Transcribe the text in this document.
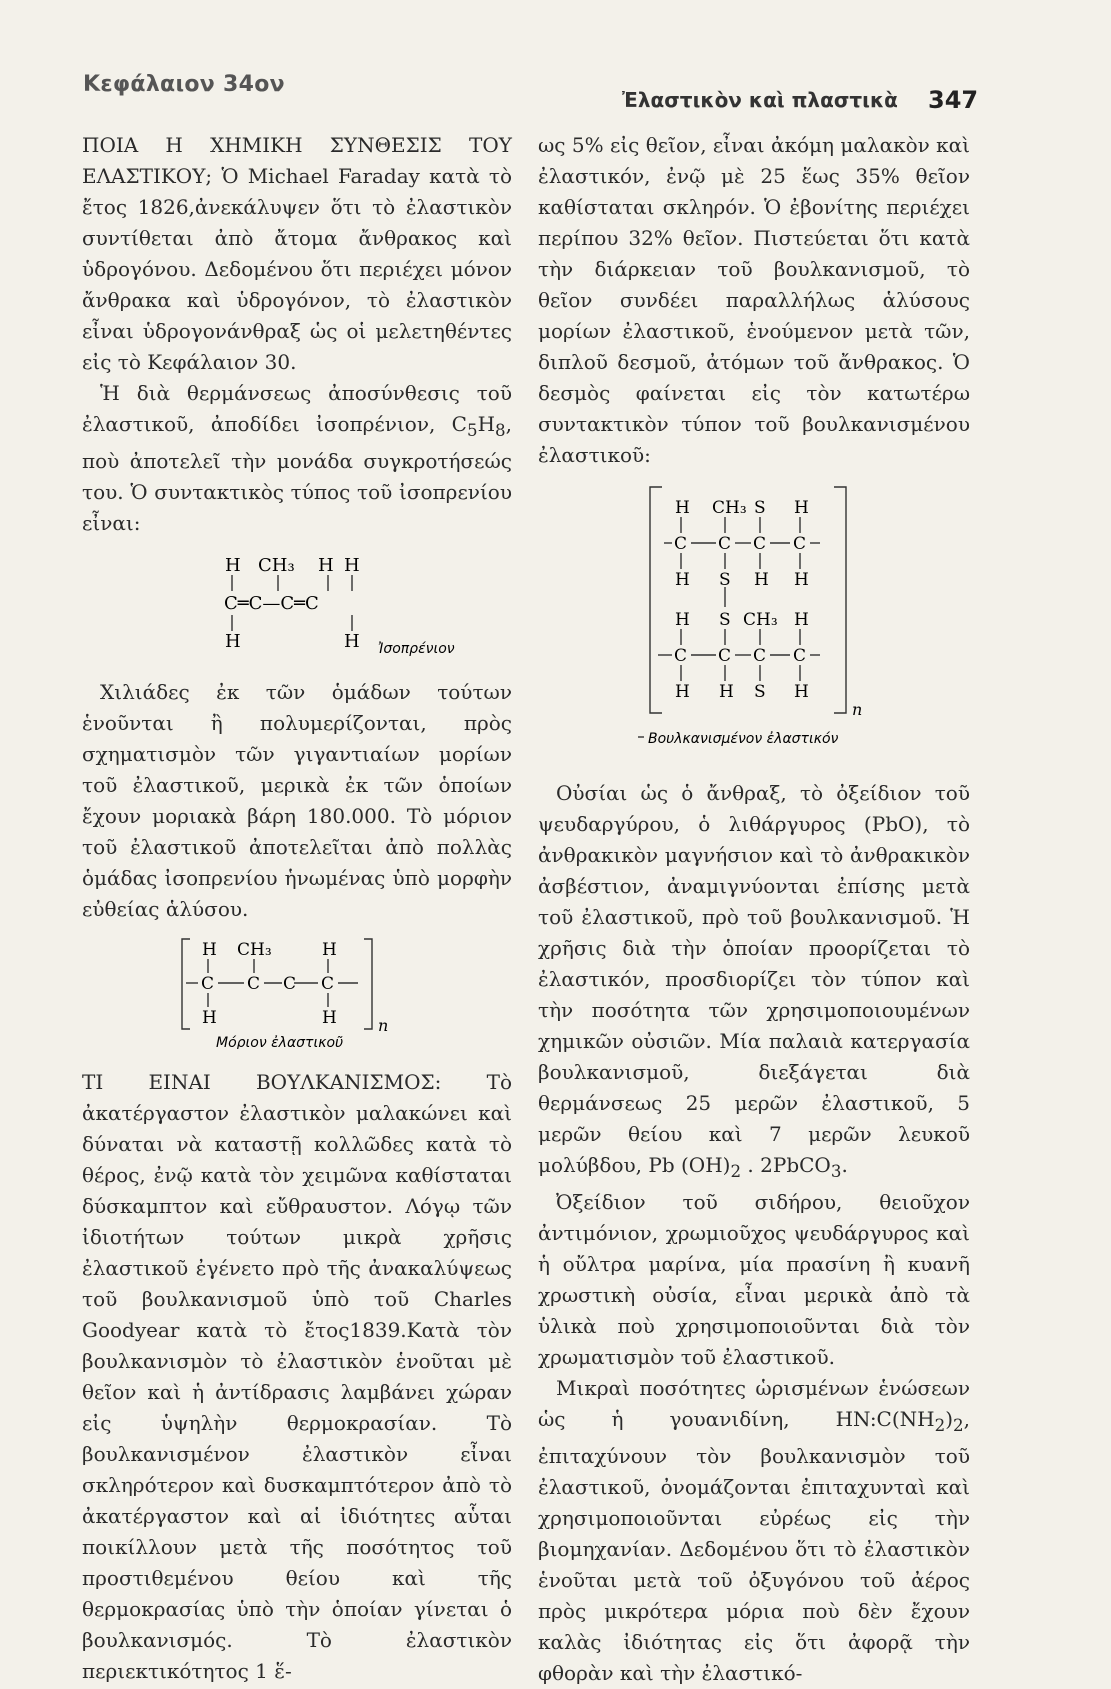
Κεφάλαιον 34ον
Ἐλαστικὸν καὶ πλαστικὰ 347

ΠΟΙΑ Η ΧΗΜΙΚΗ ΣΥΝΘΕΣΙΣ ΤΟΥ ΕΛΑΣΤΙΚΟΥ; Ὁ Michael Faraday κατὰ τὸ ἔτος 1826,ἀνεκάλυψεν ὅτι τὸ ἐλαστικὸν συντίθεται ἀπὸ ἄτομα ἄνθρακος καὶ ὑδρογόνου. Δεδομένου ὅτι περιέχει μόνον ἄνθρακα καὶ ὑδρογόνον, τὸ ἐλαστικὸν εἶναι ὑδρογονάνθραξ ὡς οἱ μελετηθέντες εἰς τὸ Κεφάλαιον 30.

Ἡ διὰ θερμάνσεως ἀποσύνθεσις τοῦ ἐλαστικοῦ, ἀποδίδει ἰσοπρένιον, $C_5H_8$, ποὺ ἀποτελεῖ τὴν μονάδα συγκροτήσεώς του. Ὁ συντακτικὸς τύπος τοῦ ἰσοπρενίου εἶναι:

H CH₃ H H
C═C—C═C
H	H Ἰσοπρένιον

Χιλιάδες ἐκ τῶν ὁμάδων τούτων ἑνοῦνται ἢ πολυμερίζονται, πρὸς σχηματισμὸν τῶν γιγαντιαίων μορίων τοῦ ἐλαστικοῦ, μερικὰ ἐκ τῶν ὁποίων ἔχουν μοριακὰ βάρη 180.000. Τὸ μόριον τοῦ ἐλαστικοῦ ἀποτελεῖται ἀπὸ πολλὰς ὁμάδας ἰσοπρενίου ἡνωμένας ὑπὸ μορφὴν εὐθείας ἁλύσου.

H CH₃	H
C C C C
H	H	n
Μόριον ἐλαστικοῦ

ΤΙ ΕΙΝΑΙ ΒΟΥΛΚΑΝΙΣΜΟΣ: Τὸ ἀκατέργαστον ἐλαστικὸν μαλακώνει καὶ δύναται νὰ καταστῇ κολλῶδες κατὰ τὸ θέρος, ἐνῷ κατὰ τὸν χειμῶνα καθίσταται δύσκαμπτον καὶ εὔθραυστον. Λόγῳ τῶν ἰδιοτήτων τούτων μικρὰ χρῆσις ἐλαστικοῦ ἐγένετο πρὸ τῆς ἀνακαλύψεως τοῦ βουλκανισμοῦ ὑπὸ τοῦ Charles Goodyear κατὰ τὸ ἔτος1839.Κατὰ τὸν βουλκανισμὸν τὸ ἐλαστικὸν ἑνοῦται μὲ θεῖον καὶ ἡ ἀντίδρασις λαμβάνει χώραν εἰς ὑψηλὴν θερμοκρασίαν. Τὸ βουλκανισμένον ἐλαστικὸν εἶναι σκληρότερον καὶ δυσκαμπτότερον ἀπὸ τὸ ἀκατέργαστον καὶ αἱ ἰδιότητες αὗται ποικίλλουν μετὰ τῆς ποσότητος τοῦ προστιθεμένου θείου καὶ τῆς θερμοκρασίας ὑπὸ τὴν ὁποίαν γίνεται ὁ βουλκανισμός. Τὸ ἐλαστικὸν περιεκτικότητος 1 ἕ-

ως 5% εἰς θεῖον, εἶναι ἀκόμη μαλακὸν καὶ ἐλαστικόν, ἐνῷ μὲ 25 ἕως 35% θεῖον καθίσταται σκληρόν. Ὁ ἐβονίτης περιέχει περίπου 32% θεῖον. Πιστεύεται ὅτι κατὰ τὴν διάρκειαν τοῦ βουλκανισμοῦ, τὸ θεῖον συνδέει παραλλήλως ἁλύσους μορίων ἐλαστικοῦ, ἑνούμενον μετὰ τῶν, διπλοῦ δεσμοῦ, ἀτόμων τοῦ ἄνθρακος. Ὁ δεσμὸς φαίνεται εἰς τὸν κατωτέρω συντακτικὸν τύπον τοῦ βουλκανισμένου ἐλαστικοῦ:

H CH₃ S H
C C C C
H S H H
H S CH₃ H
C C C C
H H S H
n
Βουλκανισμένον ἐλαστικόν

Οὐσίαι ὡς ὁ ἄνθραξ, τὸ ὀξείδιον τοῦ ψευδαργύρου, ὁ λιθάργυρος (PbO), τὸ ἀνθρακικὸν μαγνήσιον καὶ τὸ ἀνθρακικὸν ἀσβέστιον, ἀναμιγνύονται ἐπίσης μετὰ τοῦ ἐλαστικοῦ, πρὸ τοῦ βουλκανισμοῦ. Ἡ χρῆσις διὰ τὴν ὁποίαν προορίζεται τὸ ἐλαστικόν, προσδιορίζει τὸν τύπον καὶ τὴν ποσότητα τῶν χρησιμοποιουμένων χημικῶν οὐσιῶν. Μία παλαιὰ κατεργασία βουλκανισμοῦ, διεξάγεται διὰ θερμάνσεως 25 μερῶν ἐλαστικοῦ, 5 μερῶν θείου καὶ 7 μερῶν λευκοῦ μολύβδου, Pb $(OH)_2$ . 2PbCO$_3$.

Ὀξείδιον τοῦ σιδήρου, θειοῦχον ἀντιμόνιον, χρωμιοῦχος ψευδάργυρος καὶ ἡ οὔλτρα μαρίνα, μία πρασίνη ἢ κυανῆ χρωστικὴ οὐσία, εἶναι μερικὰ ἀπὸ τὰ ὑλικὰ ποὺ χρησιμοποιοῦνται διὰ τὸν χρωματισμὸν τοῦ ἐλαστικοῦ.

Μικραὶ ποσότητες ὡρισμένων ἑνώσεων ὡς ἡ γουανιδίνη, $HN:C(NH_2)_2$, ἐπιταχύνουν τὸν βουλκανισμὸν τοῦ ἐλαστικοῦ, ὀνομάζονται ἐπιταχυνταὶ καὶ χρησιμοποιοῦνται εὐρέως εἰς τὴν βιομηχανίαν. Δεδομένου ὅτι τὸ ἐλαστικὸν ἑνοῦται μετὰ τοῦ ὀξυγόνου τοῦ ἀέρος πρὸς μικρότερα μόρια ποὺ δὲν ἔχουν καλὰς ἰδιότητας εἰς ὅτι ἀφορᾷ τὴν φθορὰν καὶ τὴν ἐλαστικό-
